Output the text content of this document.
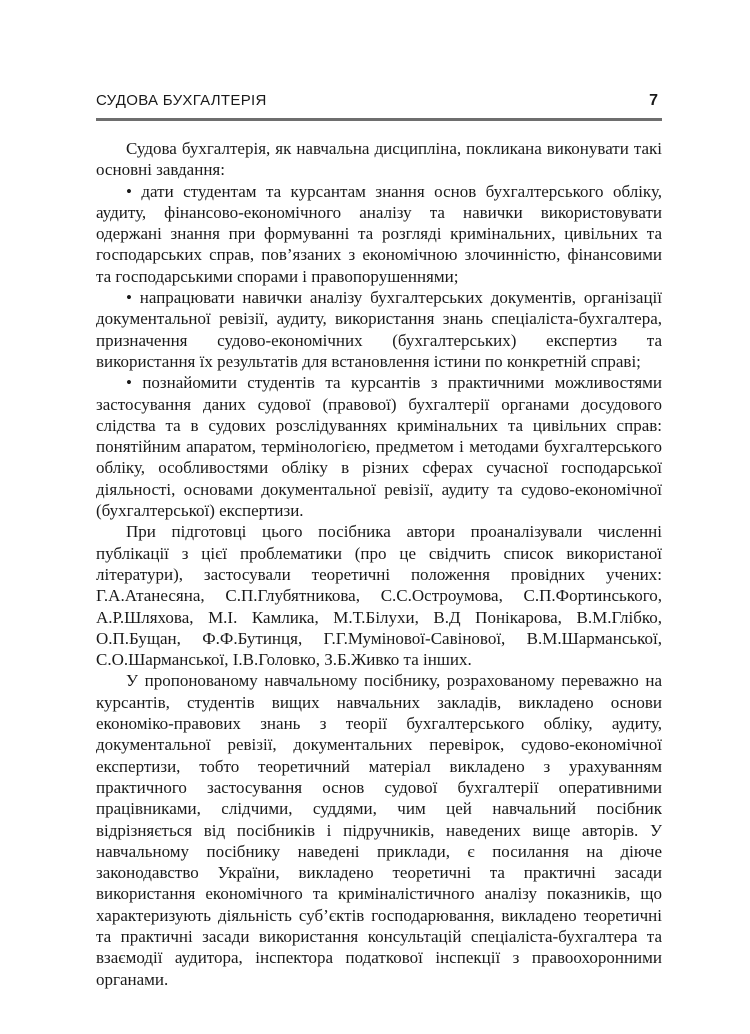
СУДОВА БУХГАЛТЕРІЯ	7

Судова бухгалтерія, як навчальна дисципліна, покликана виконувати такі основні завдання:

• дати студентам та курсантам знання основ бухгалтерського обліку, аудиту, фінансово-економічного аналізу та навички використовувати одержані знання при формуванні та розгляді кримінальних, цивільних та господарських справ, пов’язаних з економічною злочинністю, фінансовими та господарськими спорами і правопорушеннями;

• напрацювати навички аналізу бухгалтерських документів, організації документальної ревізії, аудиту, використання знань спеціаліста-бухгалтера, призначення судово-економічних (бухгалтерських) експертиз та використання їх результатів для встановлення істини по конкретній справі;

• познайомити студентів та курсантів з практичними можливостями застосування даних судової (правової) бухгалтерії органами досудового слідства та в судових розслідуваннях кримінальних та цивільних справ: понятійним апаратом, термінологією, предметом і методами бухгалтерського обліку, особливостями обліку в різних сферах сучасної господарської діяльності, основами документальної ревізії, аудиту та судово-економічної (бухгалтерської) експертизи.

При підготовці цього посібника автори проаналізували численні публікації з цієї проблематики (про це свідчить список використаної літератури), застосували теоретичні положення провідних учених: Г.А.Атанесяна, С.П.Глубятникова, С.С.Остроумова, С.П.Фортинського, А.Р.Шляхова, М.І. Камлика, М.Т.Білухи, В.Д Понікарова, В.М.Глібко, О.П.Бущан, Ф.Ф.Бутинця, Г.Г.Мумінової-Савінової, В.М.Шарманської, С.О.Шарманської, І.В.Головко, З.Б.Живко та інших.

У пропонованому навчальному посібнику, розрахованому переважно на курсантів, студентів вищих навчальних закладів, викладено основи економіко-правових знань з теорії бухгалтерського обліку, аудиту, документальної ревізії, документальних перевірок, судово-економічної експертизи, тобто теоретичний матеріал викладено з урахуванням практичного застосування основ судової бухгалтерії оперативними працівниками, слідчими, суддями, чим цей навчальний посібник відрізняється від посібників і підручників, наведених вище авторів. У навчальному посібнику наведені приклади, є посилання на діюче законодавство України, викладено теоретичні та практичні засади використання економічного та криміналістичного аналізу показників, що характеризують діяльність суб’єктів господарювання, викладено теоретичні та практичні засади використання консультацій спеціаліста-бухгалтера та взаємодії аудитора, інспектора податкової інспекції з правоохоронними органами.
